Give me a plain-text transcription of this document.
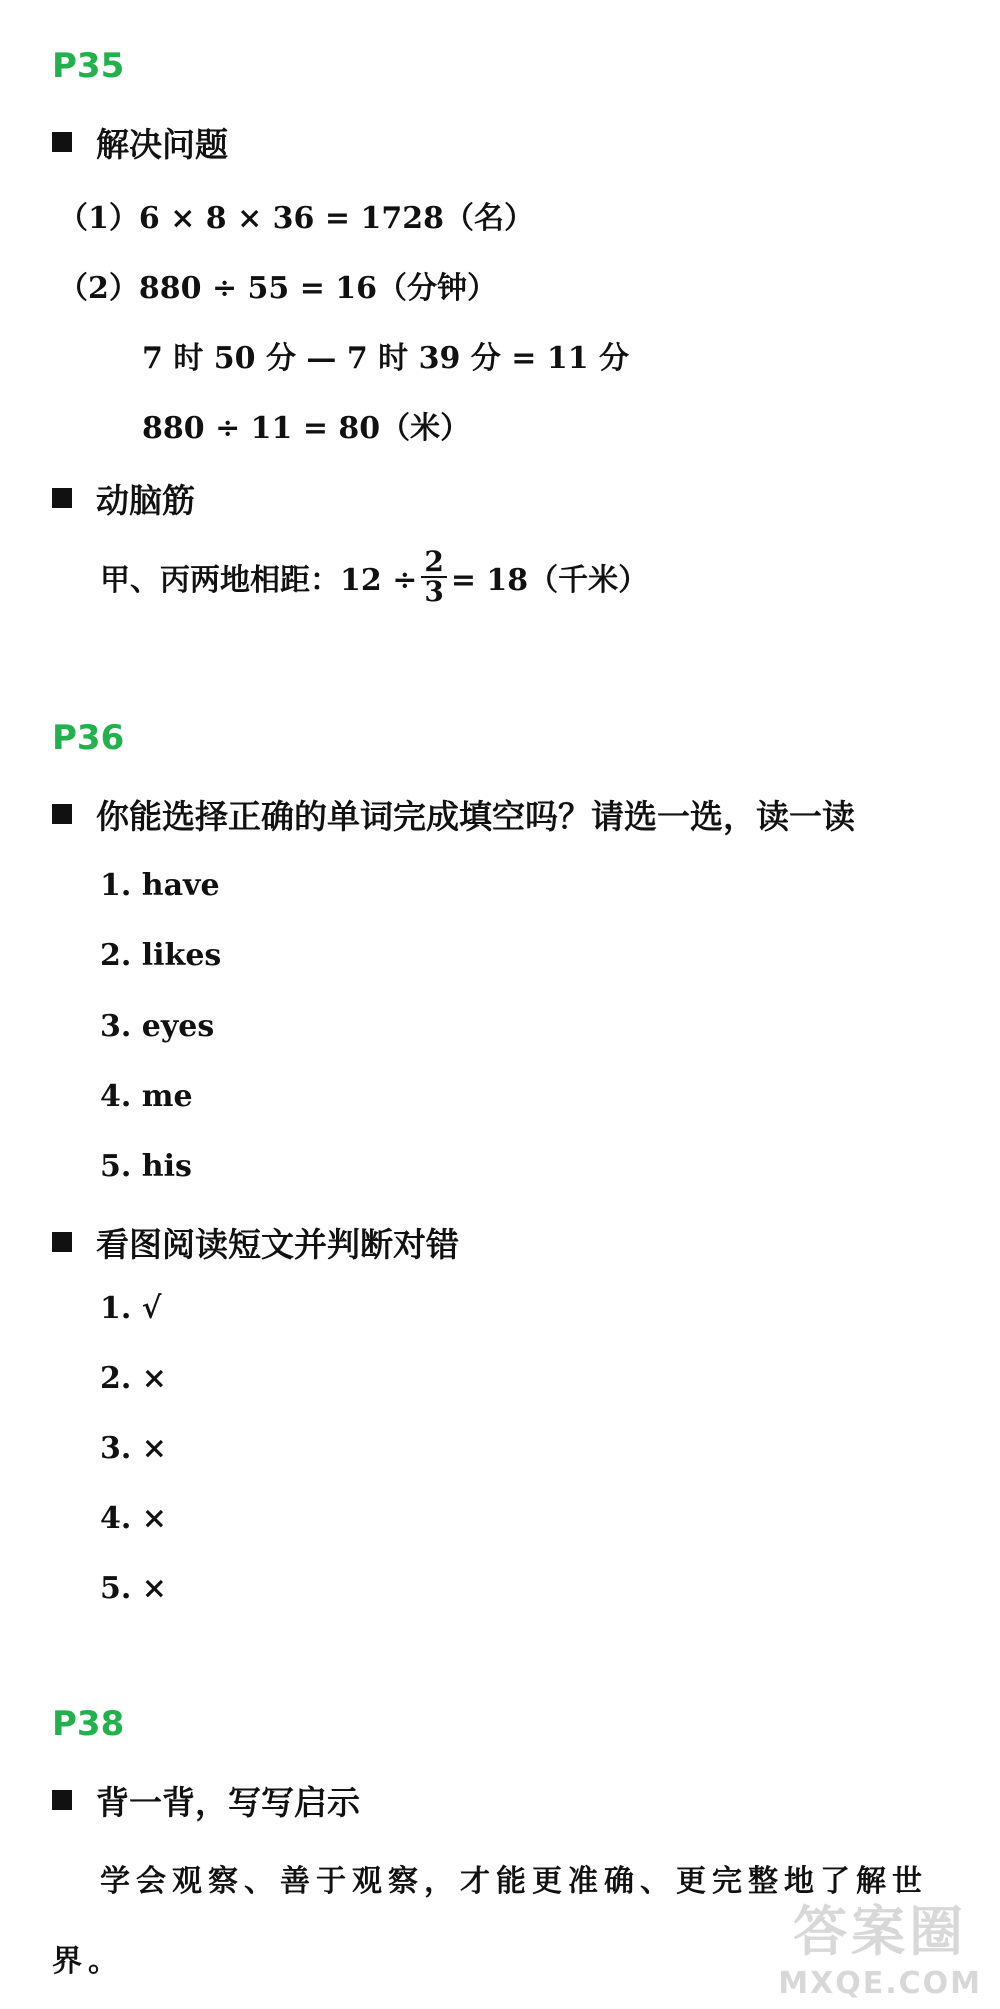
P35
解决问题
（1）6 × 8 × 36 = 1728（名）
（2）880 ÷ 55 = 16（分钟）
7 时 50 分 — 7 时 39 分 = 11 分
880 ÷ 11 = 80（米）
动脑筋
甲、丙两地相距：$12 \div \frac{2}{3} = 18$（千米）
P36
你能选择正确的单词完成填空吗？请选一选，读一读
1. have
2. likes
3. eyes
4. me
5. his
看图阅读短文并判断对错
1. √
2. ×
3. ×
4. ×
5. ×
P38
背一背，写写启示
学会观察、善于观察，才能更准确、更完整地了解世界。	答案圈
MXQE.COM
